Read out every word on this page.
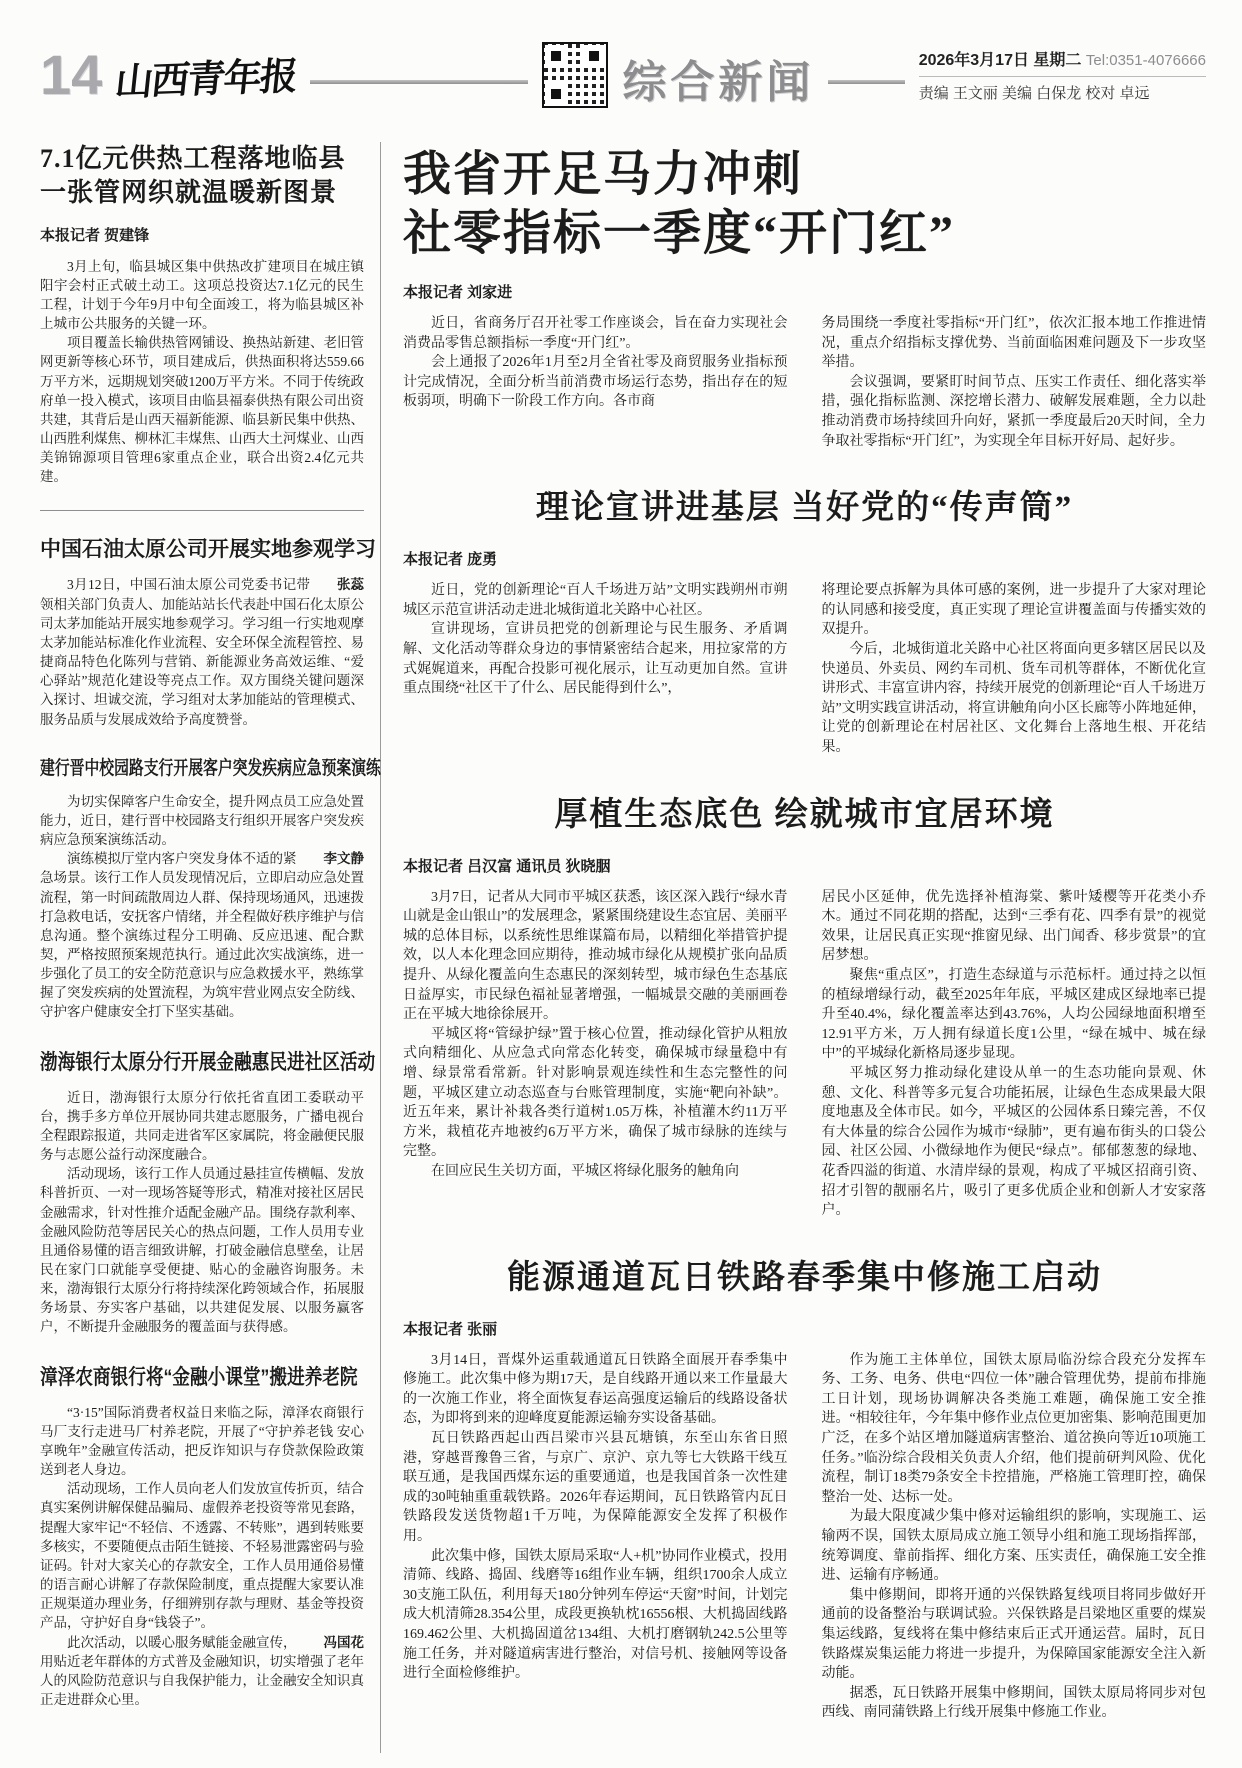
14 山西青年报	综合新闻	2026年3月17日 星期二 Tel:0351-4076666
责编 王文丽 美编 白保龙 校对 卓远
7.1亿元供热工程落地临县
一张管网织就温暖新图景

本报记者 贺建锋

3月上旬，临县城区集中供热改扩建项目在城庄镇阳宇会村正式破土动工。这项总投资达7.1亿元的民生工程，计划于今年9月中旬全面竣工，将为临县城区补上城市公共服务的关键一环。

项目覆盖长输供热管网铺设、换热站新建、老旧管网更新等核心环节，项目建成后，供热面积将达559.66万平方米，远期规划突破1200万平方米。不同于传统政府单一投入模式，该项目由临县福泰供热有限公司出资共建，其背后是山西天福新能源、临县新民集中供热、山西胜利煤焦、柳林汇丰煤焦、山西大土河煤业、山西美锦锦源项目管理6家重点企业，联合出资2.4亿元共建。

中国石油太原公司开展实地参观学习

张蕊
3月12日，中国石油太原公司党委书记带领相关部门负责人、加能站站长代表赴中国石化太原公司太茅加能站开展实地参观学习。学习组一行实地观摩太茅加能站标准化作业流程、安全环保全流程管控、易捷商品特色化陈列与营销、新能源业务高效运维、“爱心驿站”规范化建设等亮点工作。双方围绕关键问题深入探讨、坦诚交流，学习组对太茅加能站的管理模式、服务品质与发展成效给予高度赞誉。

建行晋中校园路支行开展客户突发疾病应急预案演练

为切实保障客户生命安全，提升网点员工应急处置能力，近日，建行晋中校园路支行组织开展客户突发疾病应急预案演练活动。

李文静
演练模拟厅堂内客户突发身体不适的紧急场景。该行工作人员发现情况后，立即启动应急处置流程，第一时间疏散周边人群、保持现场通风，迅速拨打急救电话，安抚客户情绪，并全程做好秩序维护与信息沟通。整个演练过程分工明确、反应迅速、配合默契，严格按照预案规范执行。通过此次实战演练，进一步强化了员工的安全防范意识与应急救援水平，熟练掌握了突发疾病的处置流程，为筑牢营业网点安全防线、守护客户健康安全打下坚实基础。

渤海银行太原分行开展金融惠民进社区活动

近日，渤海银行太原分行依托省直团工委联动平台，携手多方单位开展协同共建志愿服务，广播电视台全程跟踪报道，共同走进省军区家属院，将金融便民服务与志愿公益行动深度融合。

活动现场，该行工作人员通过悬挂宣传横幅、发放科普折页、一对一现场答疑等形式，精准对接社区居民金融需求，针对性推介适配金融产品。围绕存款利率、金融风险防范等居民关心的热点问题，工作人员用专业且通俗易懂的语言细致讲解，打破金融信息壁垒，让居民在家门口就能享受便捷、贴心的金融咨询服务。未来，渤海银行太原分行将持续深化跨领域合作，拓展服务场景、夯实客户基础，以共建促发展、以服务赢客户，不断提升金融服务的覆盖面与获得感。

漳泽农商银行将“金融小课堂”搬进养老院

“3·15”国际消费者权益日来临之际，漳泽农商银行马厂支行走进马厂村养老院，开展了“守护养老钱 安心享晚年”金融宣传活动，把反诈知识与存贷款保险政策送到老人身边。

活动现场，工作人员向老人们发放宣传折页，结合真实案例讲解保健品骗局、虚假养老投资等常见套路，提醒大家牢记“不轻信、不透露、不转账”，遇到转账要多核实，不要随便点击陌生链接、不轻易泄露密码与验证码。针对大家关心的存款安全，工作人员用通俗易懂的语言耐心讲解了存款保险制度，重点提醒大家要认准正规渠道办理业务，仔细辨别存款与理财、基金等投资产品，守护好自身“钱袋子”。

冯国花
此次活动，以暖心服务赋能金融宣传，用贴近老年群体的方式普及金融知识，切实增强了老年人的风险防范意识与自我保护能力，让金融安全知识真正走进群众心里。

我省开足马力冲刺
社零指标一季度“开门红”

本报记者 刘家进

近日，省商务厅召开社零工作座谈会，旨在奋力实现社会消费品零售总额指标一季度“开门红”。

会上通报了2026年1月至2月全省社零及商贸服务业指标预计完成情况，全面分析当前消费市场运行态势，指出存在的短板弱项，明确下一阶段工作方向。各市商

务局围绕一季度社零指标“开门红”，依次汇报本地工作推进情况，重点介绍指标支撑优势、当前面临困难问题及下一步攻坚举措。

会议强调，要紧盯时间节点、压实工作责任、细化落实举措，强化指标监测、深挖增长潜力、破解发展难题，全力以赴推动消费市场持续回升向好，紧抓一季度最后20天时间，全力争取社零指标“开门红”，为实现全年目标开好局、起好步。

理论宣讲进基层 当好党的“传声筒”

本报记者 庞勇

近日，党的创新理论“百人千场进万站”文明实践朔州市朔城区示范宣讲活动走进北城街道北关路中心社区。

宣讲现场，宣讲员把党的创新理论与民生服务、矛盾调解、文化活动等群众身边的事情紧密结合起来，用拉家常的方式娓娓道来，再配合投影可视化展示，让互动更加自然。宣讲重点围绕“社区干了什么、居民能得到什么”，

将理论要点拆解为具体可感的案例，进一步提升了大家对理论的认同感和接受度，真正实现了理论宣讲覆盖面与传播实效的双提升。

今后，北城街道北关路中心社区将面向更多辖区居民以及快递员、外卖员、网约车司机、货车司机等群体，不断优化宣讲形式、丰富宣讲内容，持续开展党的创新理论“百人千场进万站”文明实践宣讲活动，将宣讲触角向小区长廊等小阵地延伸，让党的创新理论在村居社区、文化舞台上落地生根、开花结果。

厚植生态底色 绘就城市宜居环境

本报记者 吕汉富 通讯员 狄晓胭

3月7日，记者从大同市平城区获悉，该区深入践行“绿水青山就是金山银山”的发展理念，紧紧围绕建设生态宜居、美丽平城的总体目标，以系统性思维谋篇布局，以精细化举措管护提效，以人本化理念回应期待，推动城市绿化从规模扩张向品质提升、从绿化覆盖向生态惠民的深刻转型，城市绿色生态基底日益厚实，市民绿色福祉显著增强，一幅城景交融的美丽画卷正在平城大地徐徐展开。

平城区将“管绿护绿”置于核心位置，推动绿化管护从粗放式向精细化、从应急式向常态化转变，确保城市绿量稳中有增、绿景常看常新。针对影响景观连续性和生态完整性的问题，平城区建立动态巡查与台账管理制度，实施“靶向补缺”。近五年来，累计补栽各类行道树1.05万株，补植灌木约11万平方米，栽植花卉地被约6万平方米，确保了城市绿脉的连续与完整。

在回应民生关切方面，平城区将绿化服务的触角向

居民小区延伸，优先选择补植海棠、紫叶矮樱等开花类小乔木。通过不同花期的搭配，达到“三季有花、四季有景”的视觉效果，让居民真正实现“推窗见绿、出门闻香、移步赏景”的宜居梦想。

聚焦“重点区”，打造生态绿道与示范标杆。通过持之以恒的植绿增绿行动，截至2025年年底，平城区建成区绿地率已提升至40.4%，绿化覆盖率达到43.76%，人均公园绿地面积增至12.91平方米，万人拥有绿道长度1公里，“绿在城中、城在绿中”的平城绿化新格局逐步显现。

平城区努力推动绿化建设从单一的生态功能向景观、休憩、文化、科普等多元复合功能拓展，让绿色生态成果最大限度地惠及全体市民。如今，平城区的公园体系日臻完善，不仅有大体量的综合公园作为城市“绿肺”，更有遍布街头的口袋公园、社区公园、小微绿地作为便民“绿点”。郁郁葱葱的绿地、花香四溢的街道、水清岸绿的景观，构成了平城区招商引资、招才引智的靓丽名片，吸引了更多优质企业和创新人才安家落户。

能源通道瓦日铁路春季集中修施工启动

本报记者 张丽

3月14日，晋煤外运重载通道瓦日铁路全面展开春季集中修施工。此次集中修为期17天，是自线路开通以来工作量最大的一次施工作业，将全面恢复春运高强度运输后的线路设备状态，为即将到来的迎峰度夏能源运输夯实设备基础。

瓦日铁路西起山西吕梁市兴县瓦塘镇，东至山东省日照港，穿越晋豫鲁三省，与京广、京沪、京九等七大铁路干线互联互通，是我国西煤东运的重要通道，也是我国首条一次性建成的30吨轴重重载铁路。2026年春运期间，瓦日铁路管内瓦日铁路段发送货物超1千万吨，为保障能源安全发挥了积极作用。

此次集中修，国铁太原局采取“人+机”协同作业模式，投用清筛、线路、捣固、线磨等16组作业车辆，组织1700余人成立30支施工队伍，利用每天180分钟列车停运“天窗”时间，计划完成大机清筛28.354公里，成段更换轨枕16556根、大机捣固线路169.462公里、大机捣固道岔134组、大机打磨钢轨242.5公里等施工任务，并对隧道病害进行整治，对信号机、接触网等设备进行全面检修维护。

作为施工主体单位，国铁太原局临汾综合段充分发挥车务、工务、电务、供电“四位一体”融合管理优势，提前布排施工日计划，现场协调解决各类施工难题，确保施工安全推进。“相较往年，今年集中修作业点位更加密集、影响范围更加广泛，在多个站区增加隧道病害整治、道岔换向等近10项施工任务。”临汾综合段相关负责人介绍，他们提前研判风险、优化流程，制订18类79条安全卡控措施，严格施工管理盯控，确保整治一处、达标一处。

为最大限度减少集中修对运输组织的影响，实现施工、运输两不误，国铁太原局成立施工领导小组和施工现场指挥部，统筹调度、靠前指挥、细化方案、压实责任，确保施工安全推进、运输有序畅通。

集中修期间，即将开通的兴保铁路复线项目将同步做好开通前的设备整治与联调试验。兴保铁路是吕梁地区重要的煤炭集运线路，复线将在集中修结束后正式开通运营。届时，瓦日铁路煤炭集运能力将进一步提升，为保障国家能源安全注入新动能。

据悉，瓦日铁路开展集中修期间，国铁太原局将同步对包西线、南同蒲铁路上行线开展集中修施工作业。
